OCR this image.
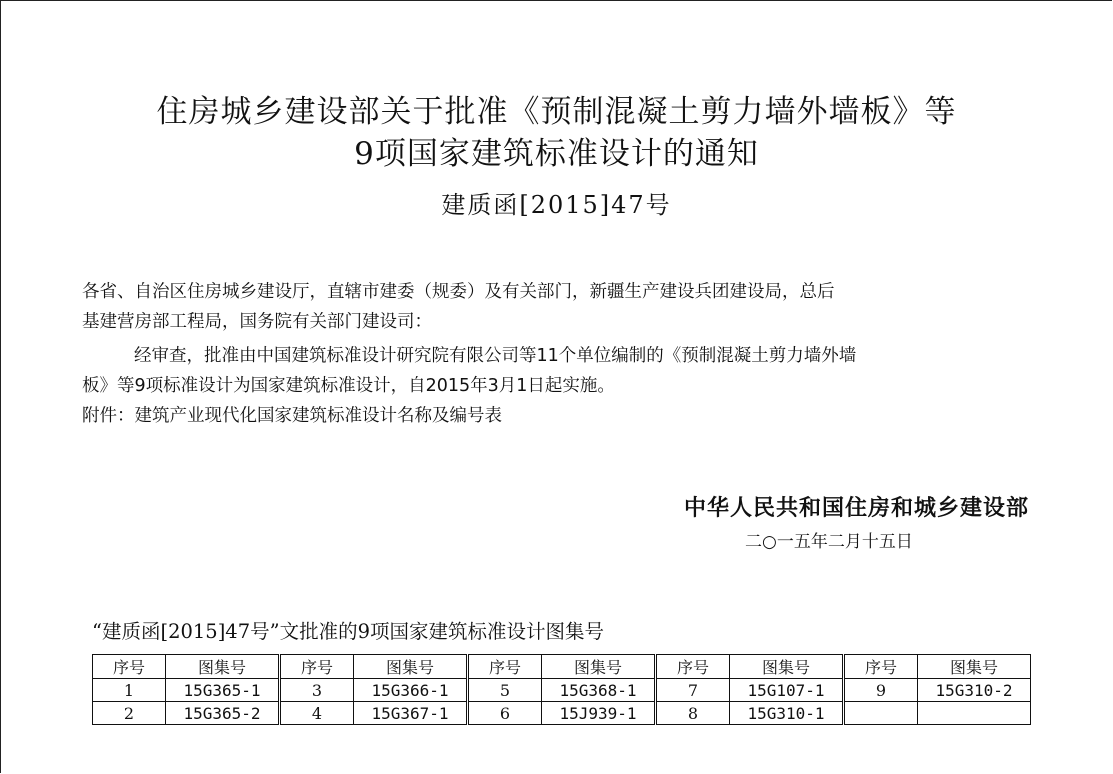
住房城乡建设部关于批准《预制混凝土剪力墙外墙板》等
9项国家建筑标准设计的通知
建质函[2015]47号
各省、自治区住房城乡建设厅，直辖市建委（规委）及有关部门，新疆生产建设兵团建设局，总后
基建营房部工程局，国务院有关部门建设司：
经审查，批准由中国建筑标准设计研究院有限公司等11个单位编制的《预制混凝土剪力墙外墙
板》等9项标准设计为国家建筑标准设计，自2015年3月1日起实施。
附件：建筑产业现代化国家建筑标准设计名称及编号表
中华人民共和国住房和城乡建设部
二○一五年二月十五日
“建质函[2015]47号”文批准的9项国家建筑标准设计图集号
序号	图集号	序号	图集号	序号	图集号	序号	图集号	序号	图集号
1	15G365-1	3	15G366-1	5	15G368-1	7	15G107-1	9	15G310-2
2	15G365-2	4	15G367-1	6	15J939-1	8	15G310-1		
